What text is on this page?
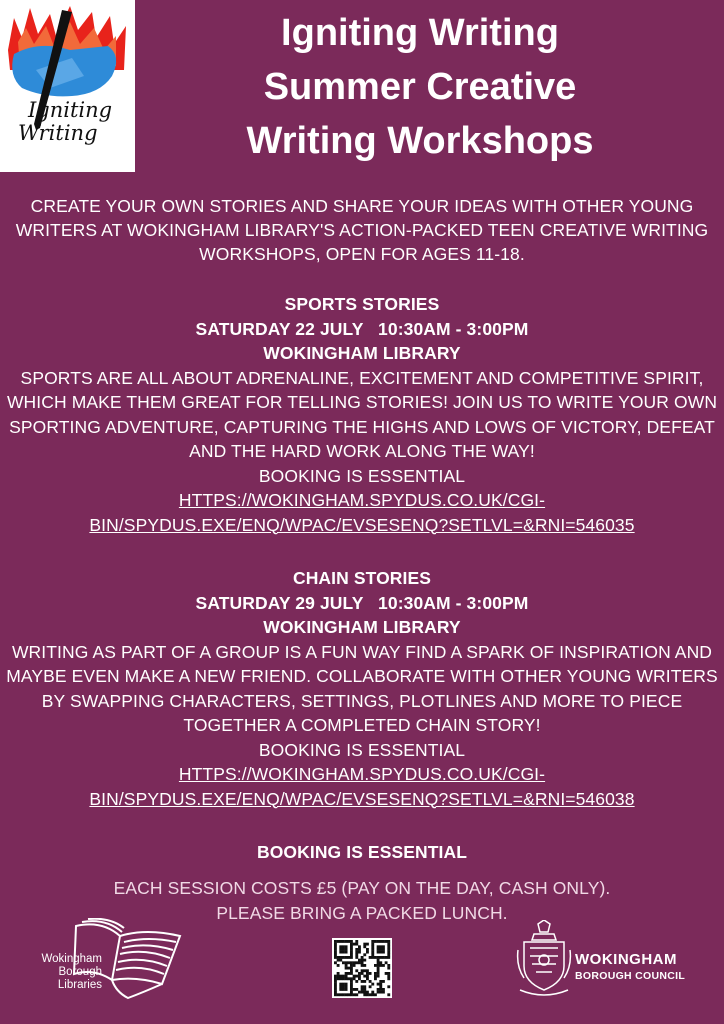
Igniting
Writing
Igniting Writing
Summer Creative
Writing Workshops
CREATE YOUR OWN STORIES AND SHARE YOUR IDEAS WITH OTHER YOUNG
WRITERS AT WOKINGHAM LIBRARY'S ACTION-PACKED TEEN CREATIVE WRITING
WORKSHOPS, OPEN FOR AGES 11-18.
SPORTS STORIES
SATURDAY 22 JULY   10:30AM - 3:00PM
WOKINGHAM LIBRARY
SPORTS ARE ALL ABOUT ADRENALINE, EXCITEMENT AND COMPETITIVE SPIRIT,
WHICH MAKE THEM GREAT FOR TELLING STORIES! JOIN US TO WRITE YOUR OWN
SPORTING ADVENTURE, CAPTURING THE HIGHS AND LOWS OF VICTORY, DEFEAT
AND THE HARD WORK ALONG THE WAY!
BOOKING IS ESSENTIAL
HTTPS://WOKINGHAM.SPYDUS.CO.UK/CGI-
BIN/SPYDUS.EXE/ENQ/WPAC/EVSESENQ?SETLVL=&RNI=546035
CHAIN STORIES
SATURDAY 29 JULY   10:30AM - 3:00PM
WOKINGHAM LIBRARY
WRITING AS PART OF A GROUP IS A FUN WAY FIND A SPARK OF INSPIRATION AND
MAYBE EVEN MAKE A NEW FRIEND. COLLABORATE WITH OTHER YOUNG WRITERS
BY SWAPPING CHARACTERS, SETTINGS, PLOTLINES AND MORE TO PIECE
TOGETHER A COMPLETED CHAIN STORY!
BOOKING IS ESSENTIAL
HTTPS://WOKINGHAM.SPYDUS.CO.UK/CGI-
BIN/SPYDUS.EXE/ENQ/WPAC/EVSESENQ?SETLVL=&RNI=546038
BOOKING IS ESSENTIAL
EACH SESSION COSTS £5 (PAY ON THE DAY, CASH ONLY).
PLEASE BRING A PACKED LUNCH.
Wokingham
Borough
Libraries
WOKINGHAM
BOROUGH COUNCIL
